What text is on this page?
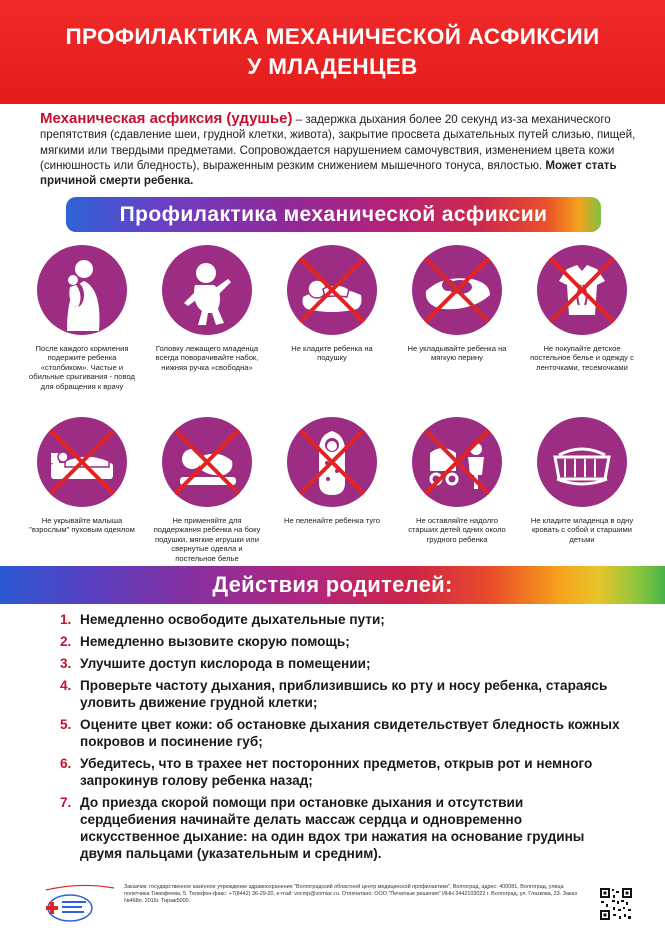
ПРОФИЛАКТИКА МЕХАНИЧЕСКОЙ АСФИКСИИ
У МЛАДЕНЦЕВ
Механическая асфиксия (удушье) – задержка дыхания более 20 секунд из-за механического препятствия (сдавление шеи, грудной клетки, живота), закрытие просвета дыхательных путей слизью, пищей, мягкими или твердыми предметами. Сопровождается нарушением самочувствия, изменением цвета кожи (синюшность или бледность), выраженным резким снижением мышечного тонуса, вялостью. Может стать причиной смерти ребенка.
Профилактика механической асфиксии
После каждого кормления подержите ребенка «столбиком». Частые и обильные срыгивания - повод для обращения к врачу
Головку лежащего младенца всегда поворачивайте набок, нижняя ручка «свободна»
Не кладите ребенка на подушку
Не укладывайте ребенка на мягкую перину
Не покупайте детское постельное белье и одежду с ленточками, тесемочками
Не укрывайте малыша "взрослым" пуховым одеялом
Не применяйте для поддержания ребенка на боку подушки, мягкие игрушки или свернутые одеяла и постельное белье
Не пеленайте ребенка туго	Не оставляйте надолго старших детей одних около грудного ребенка
Не кладите младенца в одну кровать с собой и старшими детьми
Действия родителей:
1. Немедленно освободите дыхательные пути;
2. Немедленно вызовите скорую помощь;
3. Улучшите доступ кислорода в помещении;
4. Проверьте частоту дыхания, приблизившись ко рту и носу ребенка, стараясь уловить движение грудной клетки;
5. Оцените цвет кожи: об остановке дыхания свидетельствует бледность кожных покровов и посинение губ;
6. Убедитесь, что в трахее нет посторонних предметов, открыв рот и немного запрокинув голову ребенка назад;
7. До приезда скорой помощи при остановке дыхания и отсутствии сердцебиения начинайте делать массаж сердца и одновременно искусственное дыхание: на один вдох три нажатия на основание грудины двумя пальцами (указательным и средним).
Заказчик: государственное казённое учреждение здравоохранения "Волгоградский областной центр медицинской профилактики", Волгоград, адрес: 400081, Волгоград, улица полетчика Тимофеева, 5. Телефон-факс: +7(8442) 36-29-20, e-mail: vocmp@vomiac.ru. Отпечатано: ООО "Печатные решения" ИНН 3442103022 г. Волгоград, ул. Глазкова, 23. Заказ №468п. 2016г. Тираж5000.
